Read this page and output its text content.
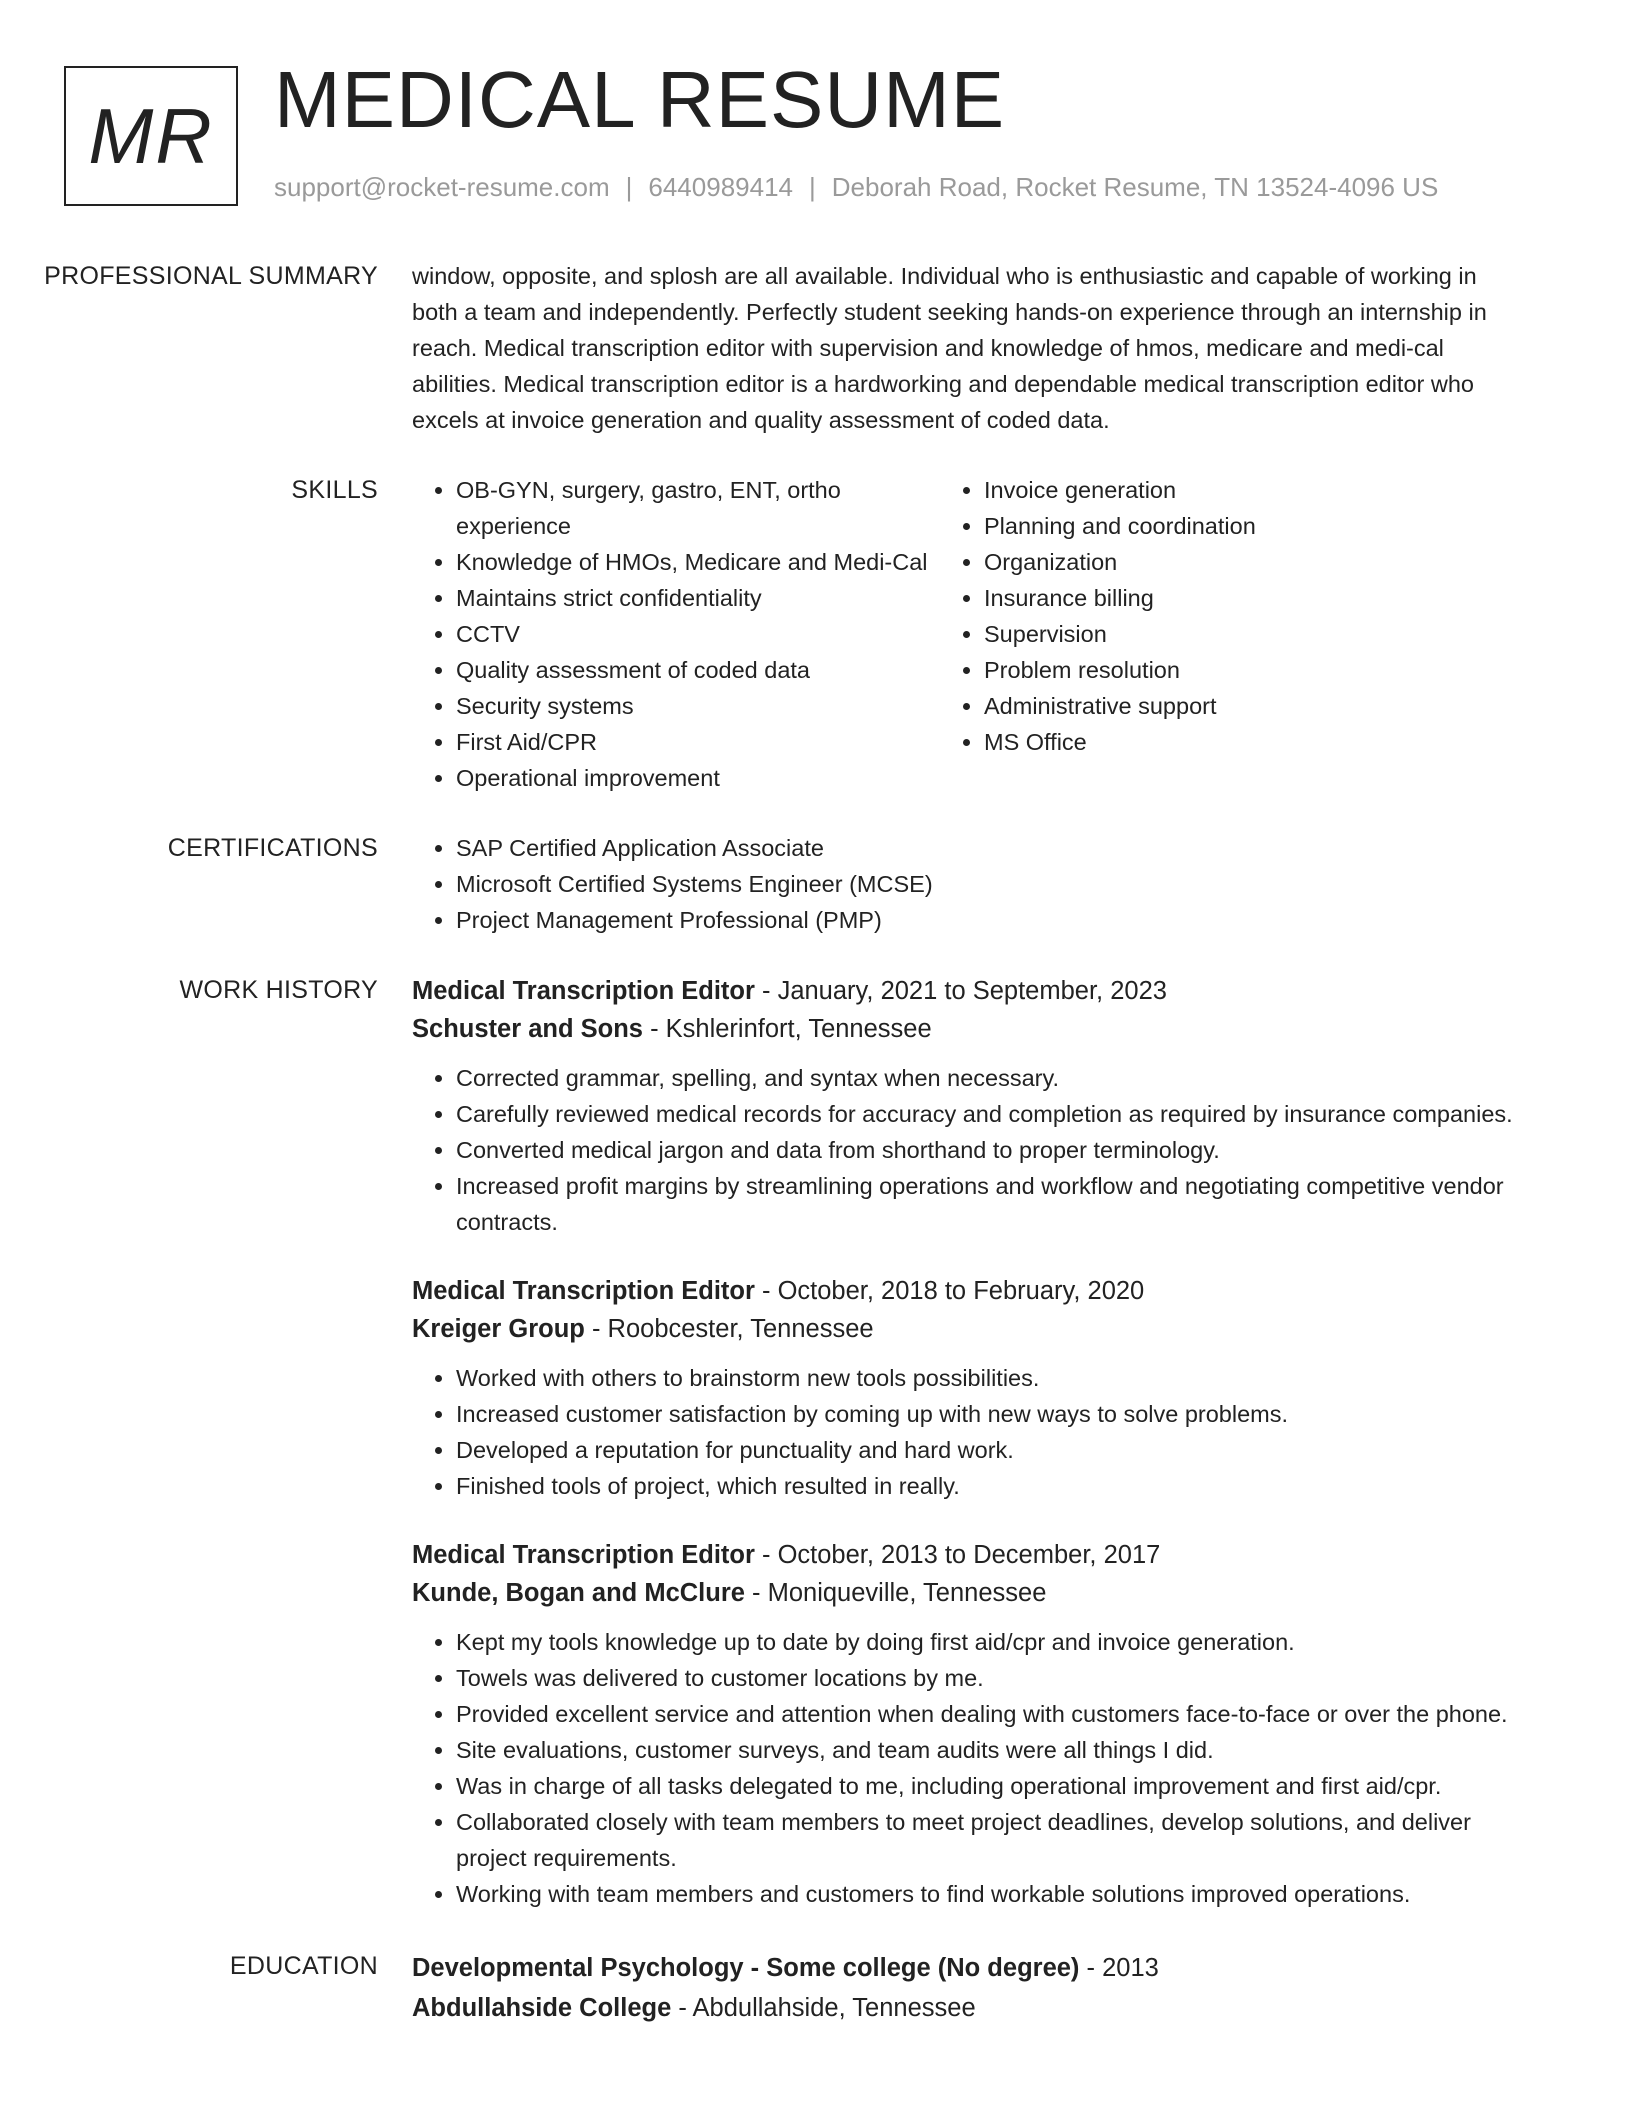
MR MEDICAL RESUME
support@rocket-resume.com | 6440989414 | Deborah Road, Rocket Resume, TN 13524-4096 US
PROFESSIONAL SUMMARY	window, opposite, and splosh are all available. Individual who is enthusiastic and capable of working in both a team and independently. Perfectly student seeking hands-on experience through an internship in reach. Medical transcription editor with supervision and knowledge of hmos, medicare and medi-cal abilities. Medical transcription editor is a hardworking and dependable medical transcription editor who excels at invoice generation and quality assessment of coded data.

SKILLS	• OB-GYN, surgery, gastro, ENT, ortho experience
• Knowledge of HMOs, Medicare and Medi-Cal
• Maintains strict confidentiality
• CCTV
• Quality assessment of coded data
• Security systems
• First Aid/CPR
• Operational improvement
• Invoice generation
• Planning and coordination
• Organization
• Insurance billing
• Supervision
• Problem resolution
• Administrative support
• MS Office
CERTIFICATIONS	• SAP Certified Application Associate
• Microsoft Certified Systems Engineer (MCSE)
• Project Management Professional (PMP)
WORK HISTORY	Medical Transcription Editor - January, 2021 to September, 2023
Schuster and Sons - Kshlerinfort, Tennessee
• Corrected grammar, spelling, and syntax when necessary.
• Carefully reviewed medical records for accuracy and completion as required by insurance companies.
• Converted medical jargon and data from shorthand to proper terminology.
• Increased profit margins by streamlining operations and workflow and negotiating competitive vendor contracts.
Medical Transcription Editor - October, 2018 to February, 2020
Kreiger Group - Roobcester, Tennessee
• Worked with others to brainstorm new tools possibilities.
• Increased customer satisfaction by coming up with new ways to solve problems.
• Developed a reputation for punctuality and hard work.
• Finished tools of project, which resulted in really.
Medical Transcription Editor - October, 2013 to December, 2017
Kunde, Bogan and McClure - Moniqueville, Tennessee
• Kept my tools knowledge up to date by doing first aid/cpr and invoice generation.
• Towels was delivered to customer locations by me.
• Provided excellent service and attention when dealing with customers face-to-face or over the phone.
• Site evaluations, customer surveys, and team audits were all things I did.
• Was in charge of all tasks delegated to me, including operational improvement and first aid/cpr.
• Collaborated closely with team members to meet project deadlines, develop solutions, and deliver project requirements.
• Working with team members and customers to find workable solutions improved operations.
EDUCATION	Developmental Psychology - Some college (No degree) - 2013
Abdullahside College - Abdullahside, Tennessee
